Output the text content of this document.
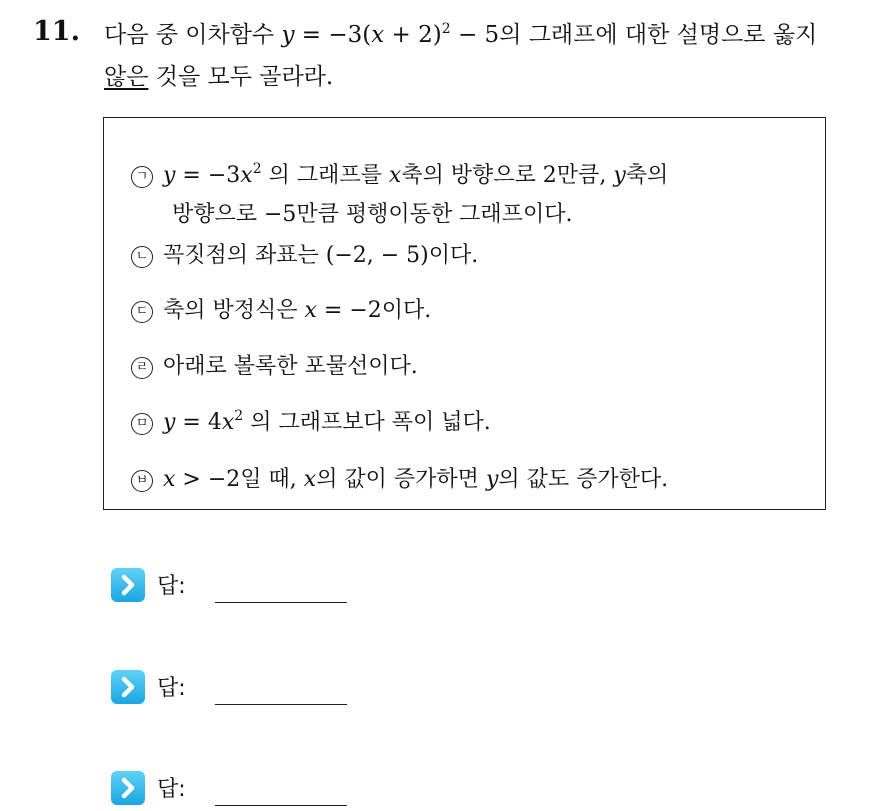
11. 다음 중 이차함수 $y = -3(x + 2)^2 - 5$의 그래프에 대한 설명으로 옳지
않은 것을 모두 골라라.
ㄱ $y = -3x^2$ 의 그래프를 x축의 방향으로 2만큼, y축의
방향으로 −5만큼 평행이동한 그래프이다.
ㄴ 꼭짓점의 좌표는 (−2, − 5)이다.
ㄷ 축의 방정식은 x = −2이다.
ㄹ 아래로 볼록한 포물선이다.
ㅁ $y = 4x^2$ 의 그래프보다 폭이 넓다.
ㅂ x > −2일 때, x의 값이 증가하면 y의 값도 증가한다.
답:
답:
답:
